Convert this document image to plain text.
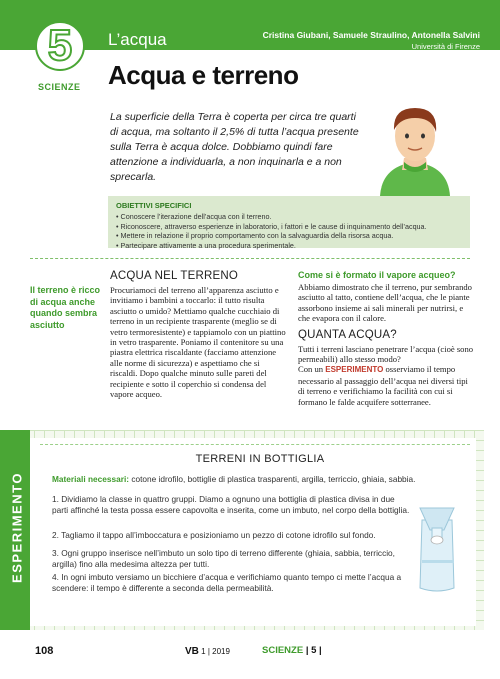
5
SCIENZE
L’acqua	Cristina Giubani, Samuele Straulino, Antonella Salvini
Università di Firenze
Acqua e terreno
La superficie della Terra è coperta per circa tre quarti di acqua, ma soltanto il 2,5% di tutta l’acqua presente sulla Terra è acqua dolce. Dobbiamo quindi fare attenzione a individuarla, a non inquinarla e a non sprecarla.
OBIETTIVI SPECIFICI
• Conoscere l’iterazione dell’acqua con il terreno.
• Riconoscere, attraverso esperienze in laboratorio, i fattori e le cause di inquinamento dell’acqua.
• Mettere in relazione il proprio comportamento con la salvaguardia della risorsa acqua.
• Partecipare attivamente a una procedura sperimentale.
Il terreno è ricco di acqua anche quando sembra asciutto
ACQUA NEL TERRENO
Procuriamoci del terreno all’apparenza asciutto e invitiamo i bambini a toccarlo: il tutto risulta asciutto o umido? Mettiamo qualche cucchiaio di terreno in un recipiente trasparente (meglio se di vetro termoresistente) e tappiamolo con un piattino in vetro trasparente. Poniamo il contenitore su una piastra elettrica riscaldante (facciamo attenzione alle norme di sicurezza) e aspettiamo che si riscaldi. Dopo qualche minuto sulle pareti del recipiente e sotto il coperchio si condensa del vapore acqueo.
Come si è formato il vapore acqueo?
Abbiamo dimostrato che il terreno, pur sembrando asciutto al tatto, contiene dell’acqua, che le piante assorbono insieme ai sali minerali per nutrirsi, e che evapora con il calore.
QUANTA ACQUA?
Tutti i terreni lasciano penetrare l’acqua (cioè sono permeabili) allo stesso modo?
Con un ESPERIMENTO osserviamo il tempo necessario al passaggio dell’acqua nei diversi tipi di terreno e verifichiamo la facilità con cui si formano le falde acquifere sotterranee.
ESPERIMENTO
TERRENI IN BOTTIGLIA
Materiali necessari: cotone idrofilo, bottiglie di plastica trasparenti, argilla, terriccio, ghiaia, sabbia.
1. Dividiamo la classe in quattro gruppi. Diamo a ognuno una bottiglia di plastica divisa in due parti affinché la testa possa essere capovolta e inserita, come un imbuto, nel corpo della bottiglia.
2. Tagliamo il tappo all’imboccatura e posizioniamo un pezzo di cotone idrofilo sul fondo.
3. Ogni gruppo inserisce nell’imbuto un solo tipo di terreno differente (ghiaia, sabbia, terriccio, argilla) fino alla medesima altezza per tutti.
4. In ogni imbuto versiamo un bicchiere d’acqua e verifichiamo quanto tempo ci mette l’acqua a scendere: il tempo è differente a seconda della permeabilità.
108	VB 1 | 2019	SCIENZE | 5 |
